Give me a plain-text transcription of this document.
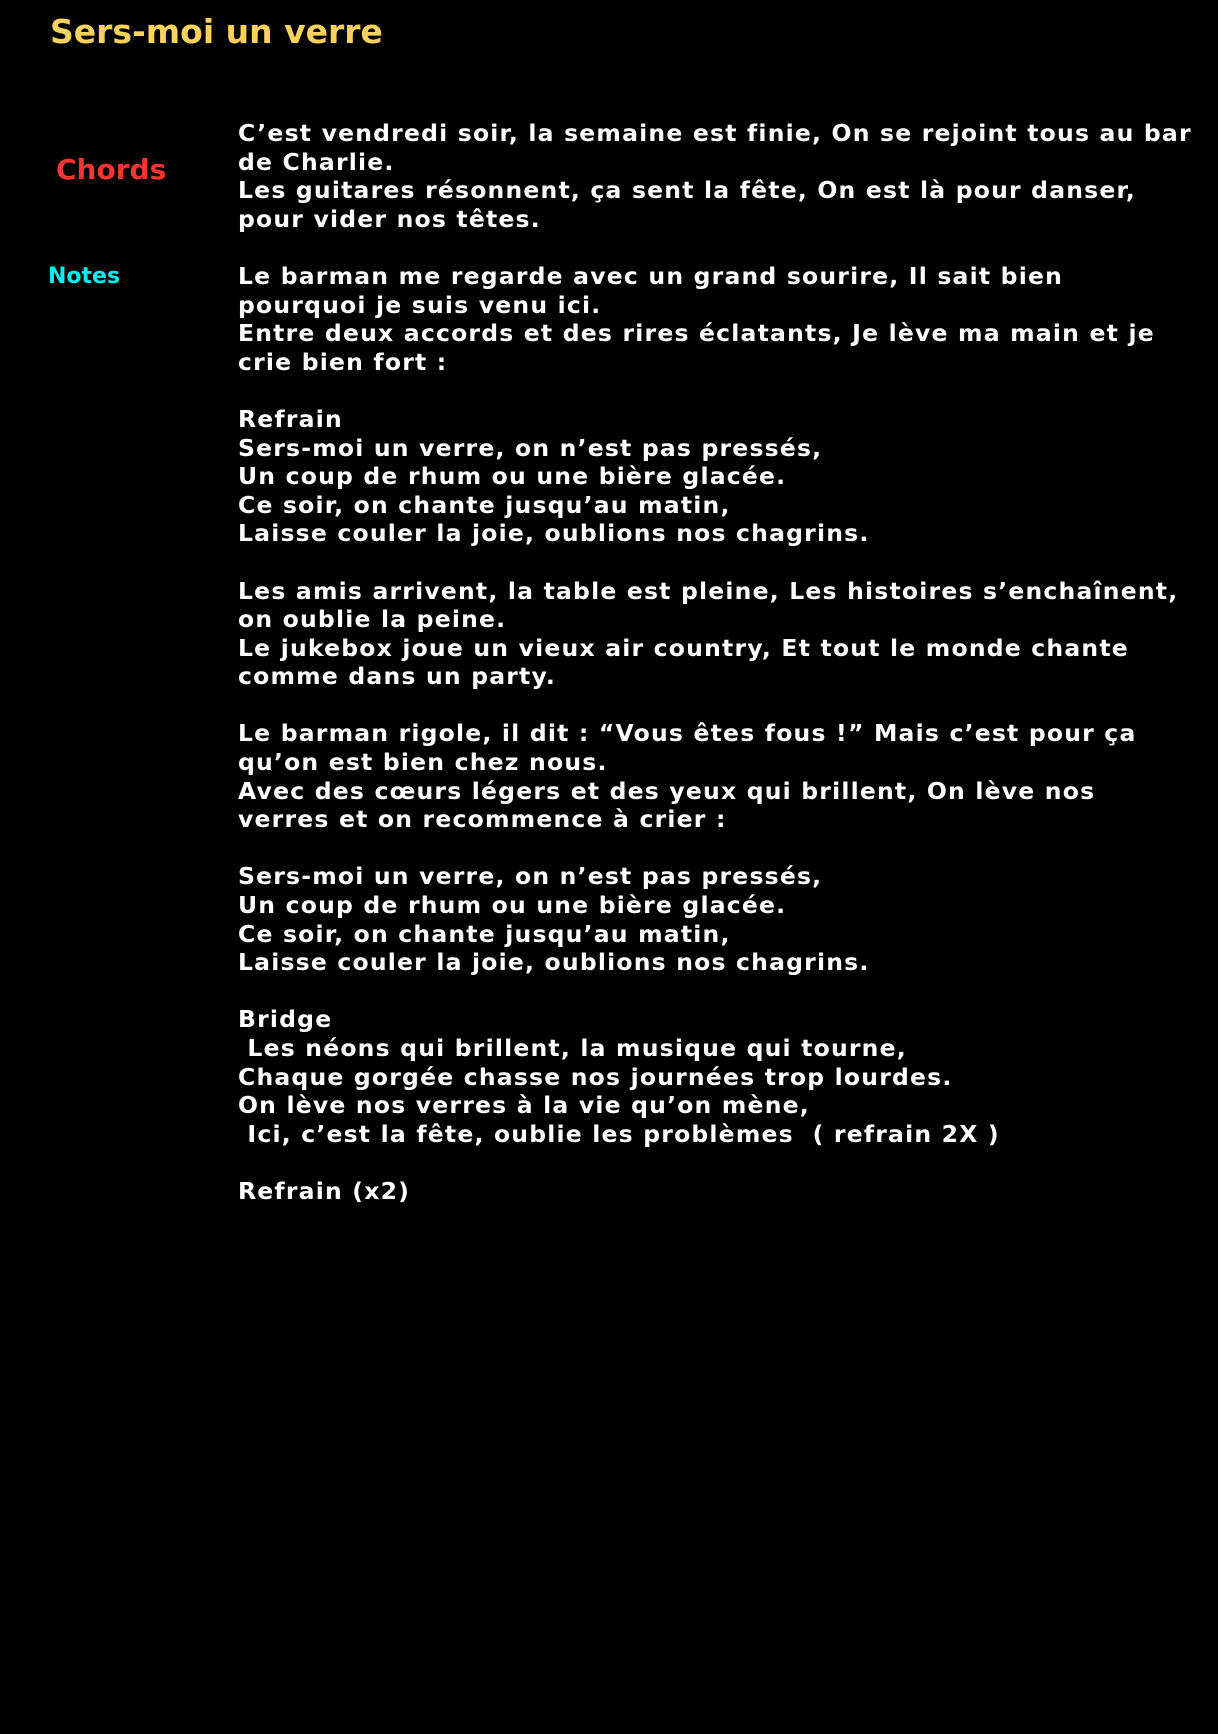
Sers-moi un verre
Chords
Notes
C’est vendredi soir, la semaine est finie, On se rejoint tous au bar de Charlie.
Les guitares résonnent, ça sent la fête, On est là pour danser, pour vider nos têtes.
Le barman me regarde avec un grand sourire, Il sait bien pourquoi je suis venu ici.
Entre deux accords et des rires éclatants, Je lève ma main et je crie bien fort :
Refrain
Sers-moi un verre, on n’est pas pressés,
Un coup de rhum ou une bière glacée.
Ce soir, on chante jusqu’au matin,
Laisse couler la joie, oublions nos chagrins.
Les amis arrivent, la table est pleine, Les histoires s’enchaînent, on oublie la peine.
Le jukebox joue un vieux air country, Et tout le monde chante comme dans un party.
Le barman rigole, il dit : “Vous êtes fous !” Mais c’est pour ça qu’on est bien chez nous.
Avec des cœurs légers et des yeux qui brillent, On lève nos verres et on recommence à crier :
Sers-moi un verre, on n’est pas pressés,
Un coup de rhum ou une bière glacée.
Ce soir, on chante jusqu’au matin,
Laisse couler la joie, oublions nos chagrins.
Bridge
Les néons qui brillent, la musique qui tourne,
Chaque gorgée chasse nos journées trop lourdes.
On lève nos verres à la vie qu’on mène,
Ici, c’est la fête, oublie les problèmes  ( refrain 2X )
Refrain (x2)
